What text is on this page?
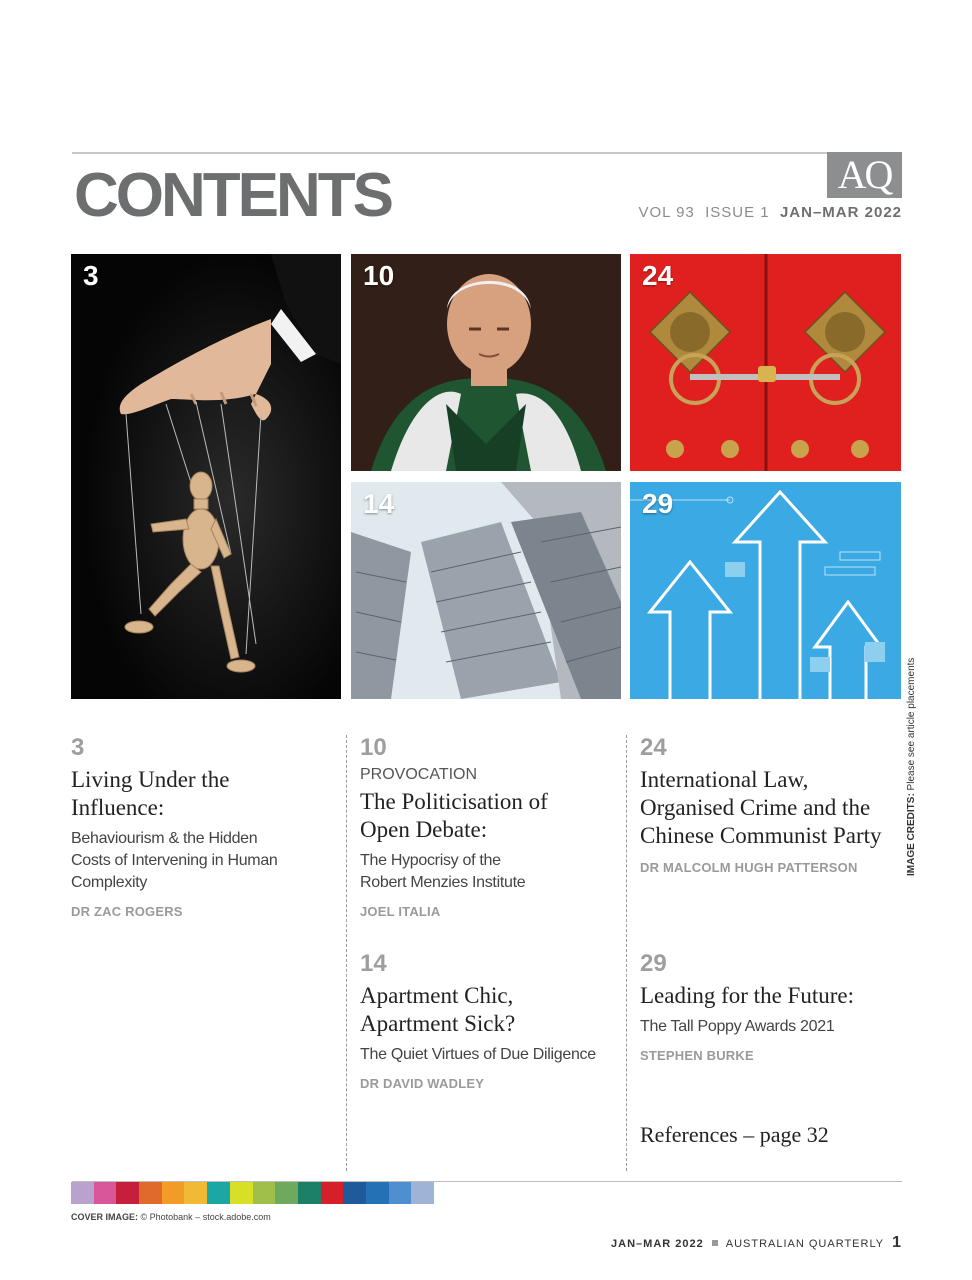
CONTENTS	AQ
VOL 93  ISSUE 1 JAN–MAR 2022
3	10	24
14	29
IMAGE CREDITS: Please see article placements
3
Living Under the Influence:
Behaviourism & the Hidden Costs of Intervening in Human Complexity
DR ZAC ROGERS
10
PROVOCATION
The Politicisation of Open Debate:
The Hypocrisy of the Robert Menzies Institute
JOEL ITALIA
24
International Law, Organised Crime and the Chinese Communist Party
DR MALCOLM HUGH PATTERSON
14
Apartment Chic, Apartment Sick?
The Quiet Virtues of Due Diligence
DR DAVID WADLEY
29
Leading for the Future:
The Tall Poppy Awards 2021
STEPHEN BURKE
References – page 32
COVER IMAGE: © Photobank – stock.adobe.com
JAN–MAR 2022 AUSTRALIAN QUARTERLY 1
